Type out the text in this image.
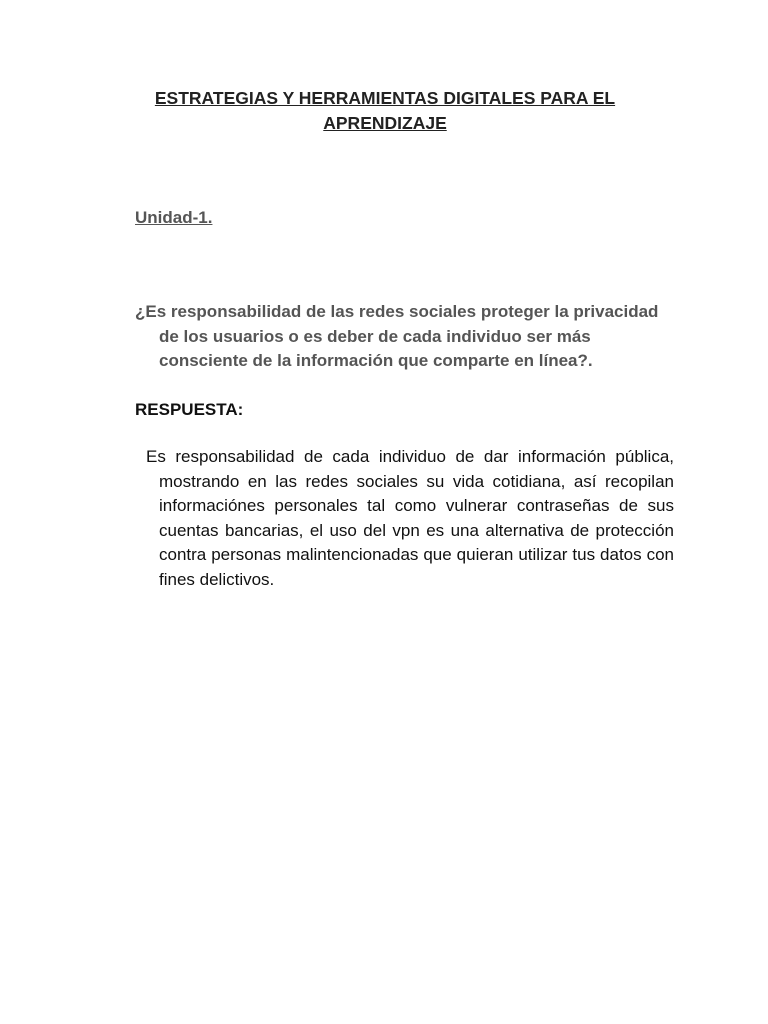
ESTRATEGIAS Y HERRAMIENTAS DIGITALES PARA EL APRENDIZAJE
Unidad-1.
¿Es responsabilidad de las redes sociales proteger la privacidad de los usuarios o es deber de cada individuo ser más consciente de la información que comparte en línea?.
RESPUESTA:
Es responsabilidad de cada individuo de dar información pública, mostrando en las redes sociales su vida cotidiana, así recopilan informaciónes personales tal como vulnerar contraseñas de sus cuentas bancarias, el uso del vpn es una alternativa de protección contra personas malintencionadas que quieran utilizar tus datos con fines delictivos.
